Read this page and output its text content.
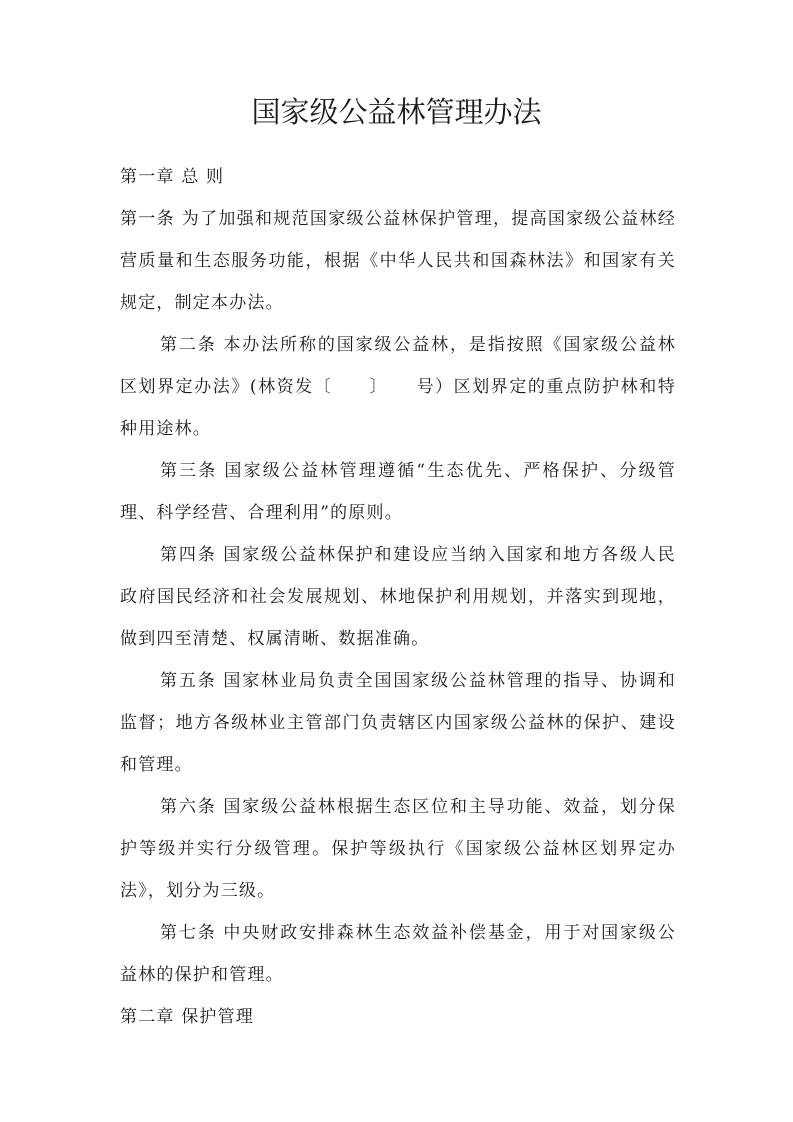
国家级公益林管理办法

第一章 总 则

第一条 为了加强和规范国家级公益林保护管理，提高国家级公益林经营质量和生态服务功能，根据《中华人民共和国森林法》和国家有关规定，制定本办法。

第二条 本办法所称的国家级公益林，是指按照《国家级公益林区划界定办法》(林资发〔　　〕　　号）区划界定的重点防护林和特种用途林。

第三条 国家级公益林管理遵循“生态优先、严格保护、分级管理、科学经营、合理利用”的原则。

第四条 国家级公益林保护和建设应当纳入国家和地方各级人民政府国民经济和社会发展规划、林地保护利用规划，并落实到现地，做到四至清楚、权属清晰、数据准确。

第五条 国家林业局负责全国国家级公益林管理的指导、协调和监督；地方各级林业主管部门负责辖区内国家级公益林的保护、建设和管理。

第六条 国家级公益林根据生态区位和主导功能、效益，划分保护等级并实行分级管理。保护等级执行《国家级公益林区划界定办法》，划分为三级。

第七条 中央财政安排森林生态效益补偿基金，用于对国家级公益林的保护和管理。

第二章 保护管理
